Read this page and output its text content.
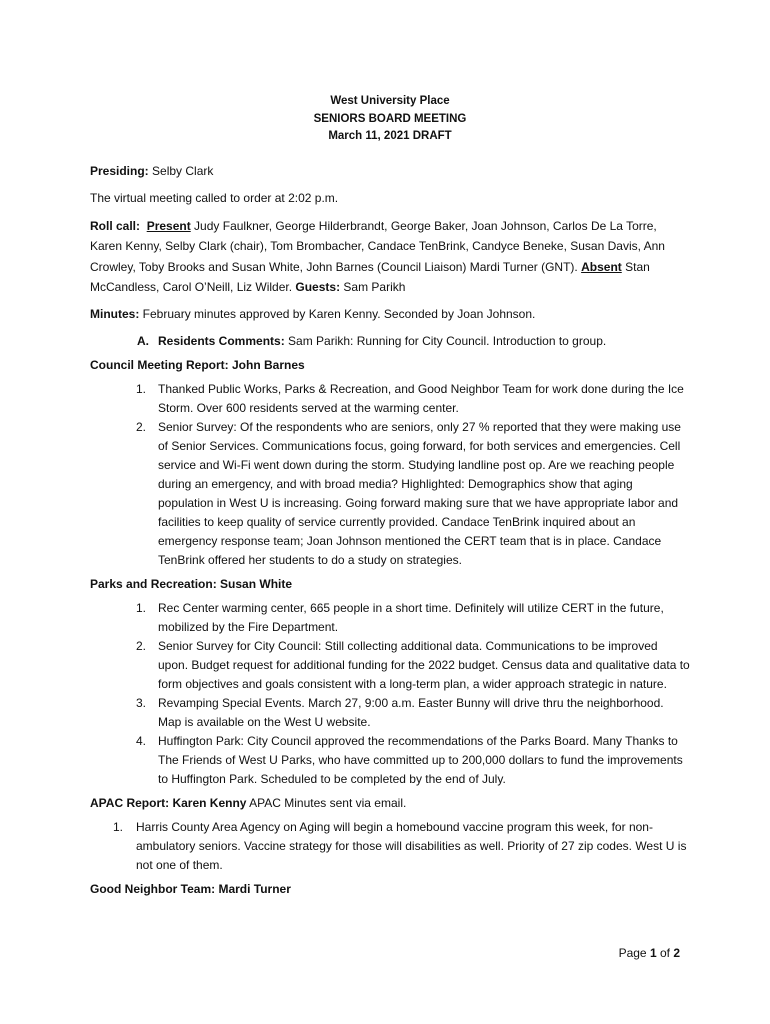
West University Place
SENIORS BOARD MEETING
March 11, 2021 DRAFT
Presiding: Selby Clark
The virtual meeting called to order at 2:02 p.m.
Roll call: Present Judy Faulkner, George Hilderbrandt, George Baker, Joan Johnson, Carlos De La Torre, Karen Kenny, Selby Clark (chair), Tom Brombacher, Candace TenBrink, Candyce Beneke, Susan Davis, Ann Crowley, Toby Brooks and Susan White, John Barnes (Council Liaison) Mardi Turner (GNT). Absent Stan McCandless, Carol O’Neill, Liz Wilder. Guests: Sam Parikh
Minutes: February minutes approved by Karen Kenny. Seconded by Joan Johnson.
A. Residents Comments: Sam Parikh: Running for City Council. Introduction to group.
Council Meeting Report: John Barnes
1. Thanked Public Works, Parks & Recreation, and Good Neighbor Team for work done during the Ice Storm. Over 600 residents served at the warming center.
2. Senior Survey: Of the respondents who are seniors, only 27 % reported that they were making use of Senior Services. Communications focus, going forward, for both services and emergencies. Cell service and Wi-Fi went down during the storm. Studying landline post op. Are we reaching people during an emergency, and with broad media? Highlighted: Demographics show that aging population in West U is increasing. Going forward making sure that we have appropriate labor and facilities to keep quality of service currently provided. Candace TenBrink inquired about an emergency response team; Joan Johnson mentioned the CERT team that is in place. Candace TenBrink offered her students to do a study on strategies.
Parks and Recreation: Susan White
1. Rec Center warming center, 665 people in a short time. Definitely will utilize CERT in the future, mobilized by the Fire Department.
2. Senior Survey for City Council: Still collecting additional data. Communications to be improved upon. Budget request for additional funding for the 2022 budget. Census data and qualitative data to form objectives and goals consistent with a long-term plan, a wider approach strategic in nature.
3. Revamping Special Events. March 27, 9:00 a.m. Easter Bunny will drive thru the neighborhood. Map is available on the West U website.
4. Huffington Park: City Council approved the recommendations of the Parks Board. Many Thanks to The Friends of West U Parks, who have committed up to 200,000 dollars to fund the improvements to Huffington Park. Scheduled to be completed by the end of July.
APAC Report: Karen Kenny APAC Minutes sent via email.
1. Harris County Area Agency on Aging will begin a homebound vaccine program this week, for non-ambulatory seniors. Vaccine strategy for those will disabilities as well. Priority of 27 zip codes. West U is not one of them.
Good Neighbor Team: Mardi Turner
Page 1 of 2
